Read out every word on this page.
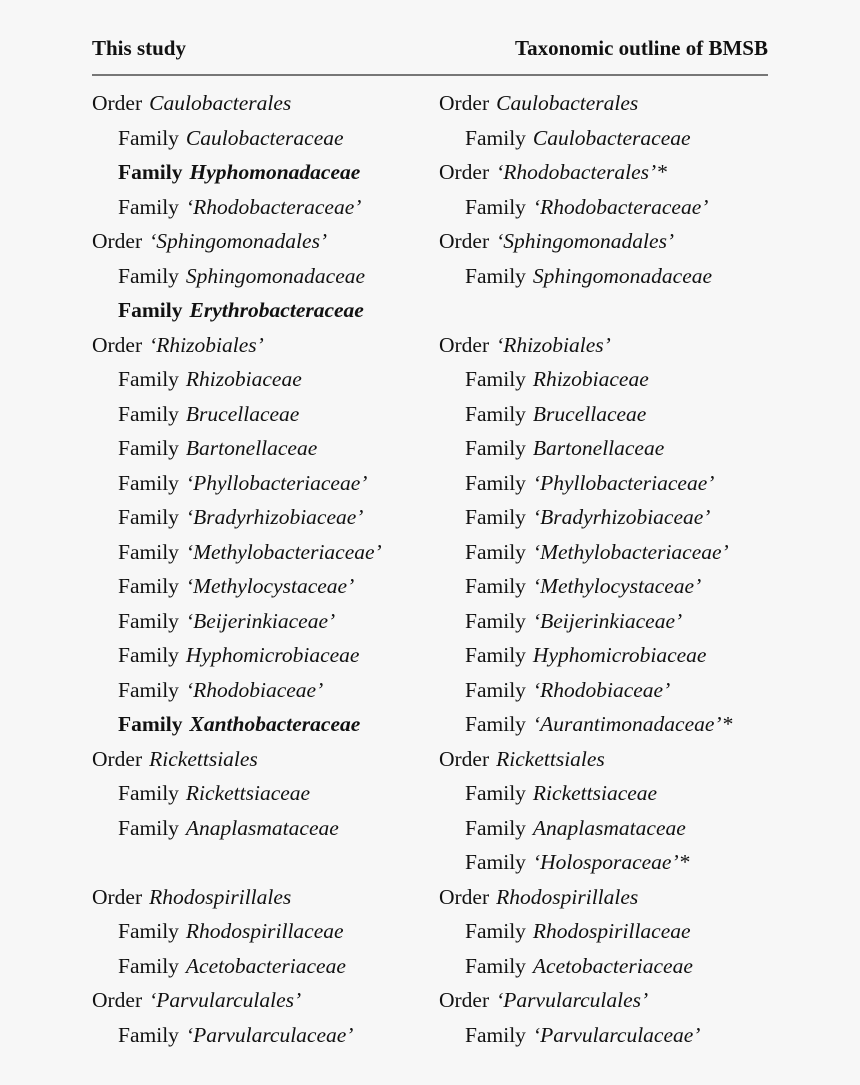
This study	Taxonomic outline of BMSB
Order Caulobacterales
Family Caulobacteraceae
Family Hyphomonadaceae
Family ‘Rhodobacteraceae’
Order ‘Sphingomonadales’
Family Sphingomonadaceae
Family Erythrobacteraceae
Order ‘Rhizobiales’
Family Rhizobiaceae
Family Brucellaceae
Family Bartonellaceae
Family ‘Phyllobacteriaceae’
Family ‘Bradyrhizobiaceae’
Family ‘Methylobacteriaceae’
Family ‘Methylocystaceae’
Family ‘Beijerinkiaceae’
Family Hyphomicrobiaceae
Family ‘Rhodobiaceae’
Family Xanthobacteraceae
Order Rickettsiales
Family Rickettsiaceae
Family Anaplasmataceae
Order Rhodospirillales
Family Rhodospirillaceae
Family Acetobacteriaceae
Order ‘Parvularculales’
Family ‘Parvularculaceae’
Order Caulobacterales
Family Caulobacteraceae
Order ‘Rhodobacterales’*
Family ‘Rhodobacteraceae’
Order ‘Sphingomonadales’
Family Sphingomonadaceae
Order ‘Rhizobiales’
Family Rhizobiaceae
Family Brucellaceae
Family Bartonellaceae
Family ‘Phyllobacteriaceae’
Family ‘Bradyrhizobiaceae’
Family ‘Methylobacteriaceae’
Family ‘Methylocystaceae’
Family ‘Beijerinkiaceae’
Family Hyphomicrobiaceae
Family ‘Rhodobiaceae’
Family ‘Aurantimonadaceae’*
Order Rickettsiales
Family Rickettsiaceae
Family Anaplasmataceae
Family ‘Holosporaceae’*
Order Rhodospirillales
Family Rhodospirillaceae
Family Acetobacteriaceae
Order ‘Parvularculales’
Family ‘Parvularculaceae’
